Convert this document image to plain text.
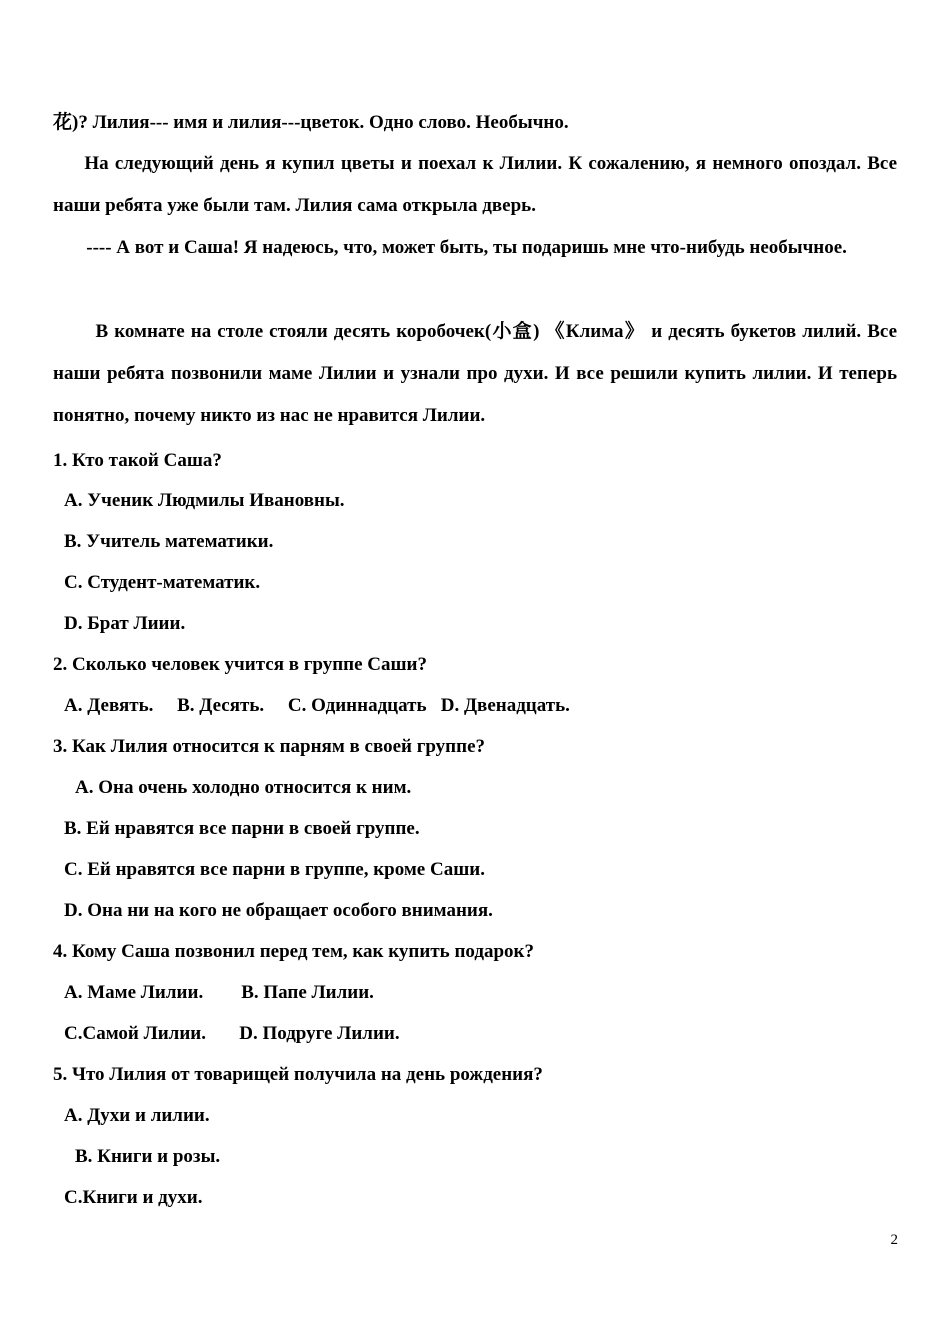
花)? Лилия--- имя и лилия---цветок. Одно слово. Необычно.

На следующий день я купил цветы и поехал к Лилии. К сожалению, я немного опоздал. Все наши ребята уже были там. Лилия сама открыла дверь.

---- А вот и Саша! Я надеюсь, что, может быть, ты подаришь мне что-нибудь необычное.

В комнате на столе стояли десять коробочек(小盒) 《Клима》 и десять букетов лилий. Все наши ребята позвонили маме Лилии и узнали про духи. И все решили купить лилии. И теперь понятно, почему никто из нас не нравится Лилии.

1. Кто такой Саша?

A. Ученик Людмилы Ивановны.

B. Учитель математики.

C. Студент-математик.

D. Брат Лиии.

2. Сколько человек учится в группе Саши?

A. Девять.     B. Десять.     C. Одиннадцать   D. Двенадцать.

3. Как Лилия относится к парням в своей группе?

A. Она очень холодно относится к ним.

B. Ей нравятся все парни в своей группе.

C. Ей нравятся все парни в группе, кроме Саши.

D. Она ни на кого не обращает особого внимания.

4. Кому Саша позвонил перед тем, как купить подарок?

A. Маме Лилии.        B. Папе Лилии.

C.Самой Лилии.       D. Подруге Лилии.

5. Что Лилия от товарищей получила на день рождения?

A. Духи и лилии.

B. Книги и розы.

C.Книги и духи.

2
